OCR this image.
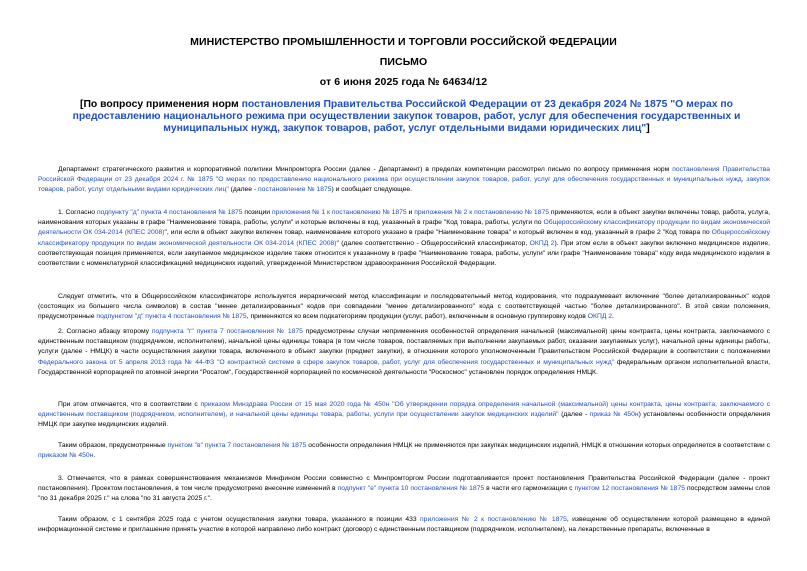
МИНИСТЕРСТВО ПРОМЫШЛЕННОСТИ И ТОРГОВЛИ РОССИЙСКОЙ ФЕДЕРАЦИИ
ПИСЬМО
от 6 июня 2025 года № 64634/12
[По вопросу применения норм постановления Правительства Российской Федерации от 23 декабря 2024 № 1875 "О мерах по предоставлению национального режима при осуществлении закупок товаров, работ, услуг для обеспечения государственных и муниципальных нужд, закупок товаров, работ, услуг отдельными видами юридических лиц"]
Департамент стратегического развития и корпоративной политики Минпромторга России (далее - Департамент) в пределах компетенции рассмотрел письмо по вопросу применения норм постановления Правительства Российской Федерации от 23 декабря 2024 г. № 1875 "О мерах по предоставлению национального режима при осуществлении закупок товаров, работ, услуг для обеспечения государственных и муниципальных нужд, закупок товаров, работ, услуг отдельными видами юридических лиц" (далее - постановление № 1875) и сообщает следующее.
1. Согласно подпункту "д" пункта 4 постановления № 1875 позиции приложения № 1 к постановлению № 1875 и приложения № 2 к постановлению № 1875 применяются, если в объект закупки включены товар, работа, услуга, наименования которых указаны в графе "Наименование товара, работы, услуги" и которые включены в код, указанный в графе "Код товара, работы, услуги по Общероссийскому классификатору продукции по видам экономической деятельности ОК 034-2014 (КПЕС 2008)", или если в объект закупки включен товар, наименование которого указано в графе "Наименование товара" и который включен в код, указанный в графе 2 "Код товара по Общероссийскому классификатору продукции по видам экономической деятельности ОК 034-2014 (КПЕС 2008)" (далее соответственно - Общероссийский классификатор, ОКПД 2). При этом если в объект закупки включено медицинское изделие, соответствующая позиция применяется, если закупаемое медицинское изделие также относится к указанному в графе "Наименование товара, работы, услуги" или графе "Наименование товара" коду вида медицинского изделия в соответствии с номенклатурной классификацией медицинских изделий, утвержденной Министерством здравоохранения Российской Федерации.
Следует отметить, что в Общероссийском классификаторе используется иерархический метод классификации и последовательный метод кодирования, что подразумевает включение "более детализированных" кодов (состоящих из большего числа символов) в состав "менее детализированных" кодов при совпадении "менее детализированного" кода с соответствующей частью "более детализированного". В этой связи положения, предусмотренные подпунктом "д" пункта 4 постановления № 1875, применяются ко всем подкатегориям продукции (услуг, работ), включенным в основную группировку кодов ОКПД 2.
2. Согласно абзацу второму подпункта "г" пункта 7 постановления № 1875 предусмотрены случаи неприменения особенностей определения начальной (максимальной) цены контракта, цены контракта, заключаемого с единственным поставщиком (подрядчиком, исполнителем), начальной цены единицы товара (в том числе товаров, поставляемых при выполнении закупаемых работ, оказании закупаемых услуг), начальной цены единицы работы, услуги (далее - НМЦК) в части осуществления закупки товара, включенного в объект закупки (предмет закупки), в отношении которого уполномоченным Правительством Российской Федерации в соответствии с положениями Федерального закона от 5 апреля 2013 года № 44-ФЗ "О контрактной системе в сфере закупок товаров, работ, услуг для обеспечения государственных и муниципальных нужд" федеральным органом исполнительной власти, Государственной корпорацией по атомной энергии "Росатом", Государственной корпорацией по космической деятельности "Роскосмос" установлен порядок определения НМЦК.
При этом отмечается, что в соответствии с приказом Минздрава России от 15 мая 2020 года № 450н "Об утверждении порядка определения начальной (максимальной) цены контракта, цены контракта, заключаемого с единственным поставщиком (подрядчиком, исполнителем), и начальной цены единицы товара, работы, услуги при осуществлении закупок медицинских изделий" (далее - приказ № 450н) установлены особенности определения НМЦК при закупке медицинских изделий.
Таким образом, предусмотренные пунктом "в" пункта 7 постановления № 1875 особенности определения НМЦК не применяются при закупках медицинских изделий, НМЦК в отношении которых определяется в соответствии с приказом № 450н.
3. Отмечается, что в рамках совершенствования механизмов Минфином России совместно с Минпромторгом России подготавливается проект постановления Правительства Российской Федерации (далее - проект постановления). Проектом постановления, в том числе предусмотрено внесение изменений в подпункт "е" пункта 10 постановления № 1875 в части его гармонизации с пунктом 12 постановления № 1875 посредством замены слов "по 31 декабря 2025 г." на слова "по 31 августа 2025 г.".
Таким образом, с 1 сентября 2025 года с учетом осуществления закупки товара, указанного в позиции 433 приложения № 2 к постановлению № 1875, извещение об осуществлении которой размещено в единой информационной системе и приглашение принять участие в которой направлено либо контракт (договор) с единственным поставщиком (подрядчиком, исполнителем), на лекарственные препараты, включенные в
